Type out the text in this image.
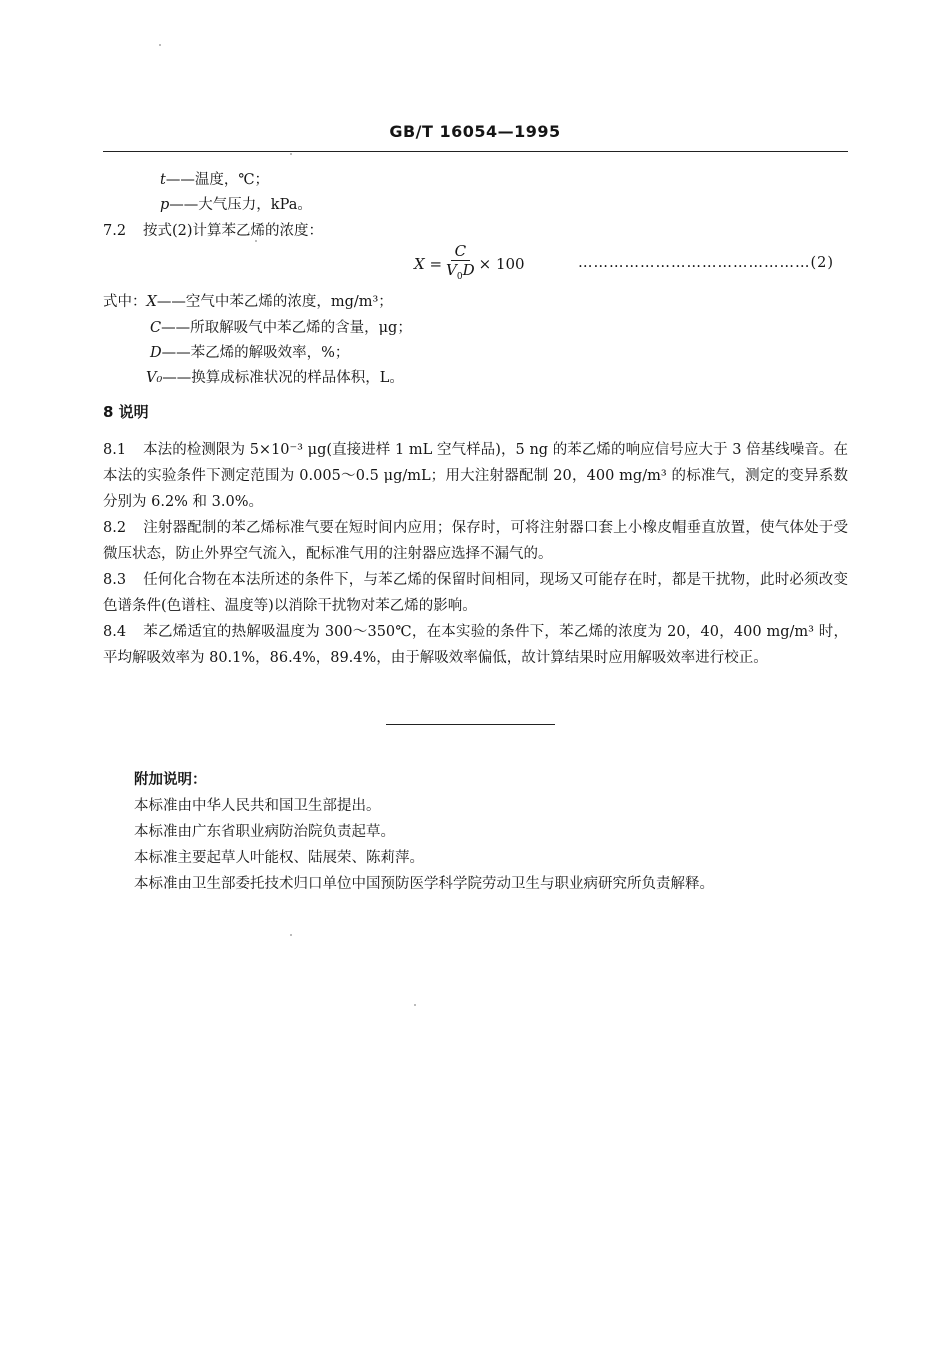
GB/T 16054—1995
t——温度，℃；
p——大气压力，kPa。
7.2 按式(2)计算苯乙烯的浓度：
$X = \frac{C}{V_0D} \times 100$	………………………………………(2)
式中：X——空气中苯乙烯的浓度，mg/m³；
C——所取解吸气中苯乙烯的含量，μg；
D——苯乙烯的解吸效率，%；
V₀——换算成标准状况的样品体积，L。
8 说明
8.1 本法的检测限为 5×10⁻³ μg(直接进样 1 mL 空气样品)，5 ng 的苯乙烯的响应信号应大于 3 倍基线噪音。在本法的实验条件下测定范围为 0.005～0.5 μg/mL；用大注射器配制 20，400 mg/m³ 的标准气，测定的变异系数分别为 6.2% 和 3.0%。
8.2 注射器配制的苯乙烯标准气要在短时间内应用；保存时，可将注射器口套上小橡皮帽垂直放置，使气体处于受微压状态，防止外界空气流入，配标准气用的注射器应选择不漏气的。
8.3 任何化合物在本法所述的条件下，与苯乙烯的保留时间相同，现场又可能存在时，都是干扰物，此时必须改变色谱条件(色谱柱、温度等)以消除干扰物对苯乙烯的影响。
8.4 苯乙烯适宜的热解吸温度为 300～350℃，在本实验的条件下，苯乙烯的浓度为 20，40，400 mg/m³ 时，平均解吸效率为 80.1%，86.4%，89.4%，由于解吸效率偏低，故计算结果时应用解吸效率进行校正。
附加说明：
本标准由中华人民共和国卫生部提出。
本标准由广东省职业病防治院负责起草。
本标准主要起草人叶能权、陆展荣、陈莉萍。
本标准由卫生部委托技术归口单位中国预防医学科学院劳动卫生与职业病研究所负责解释。
